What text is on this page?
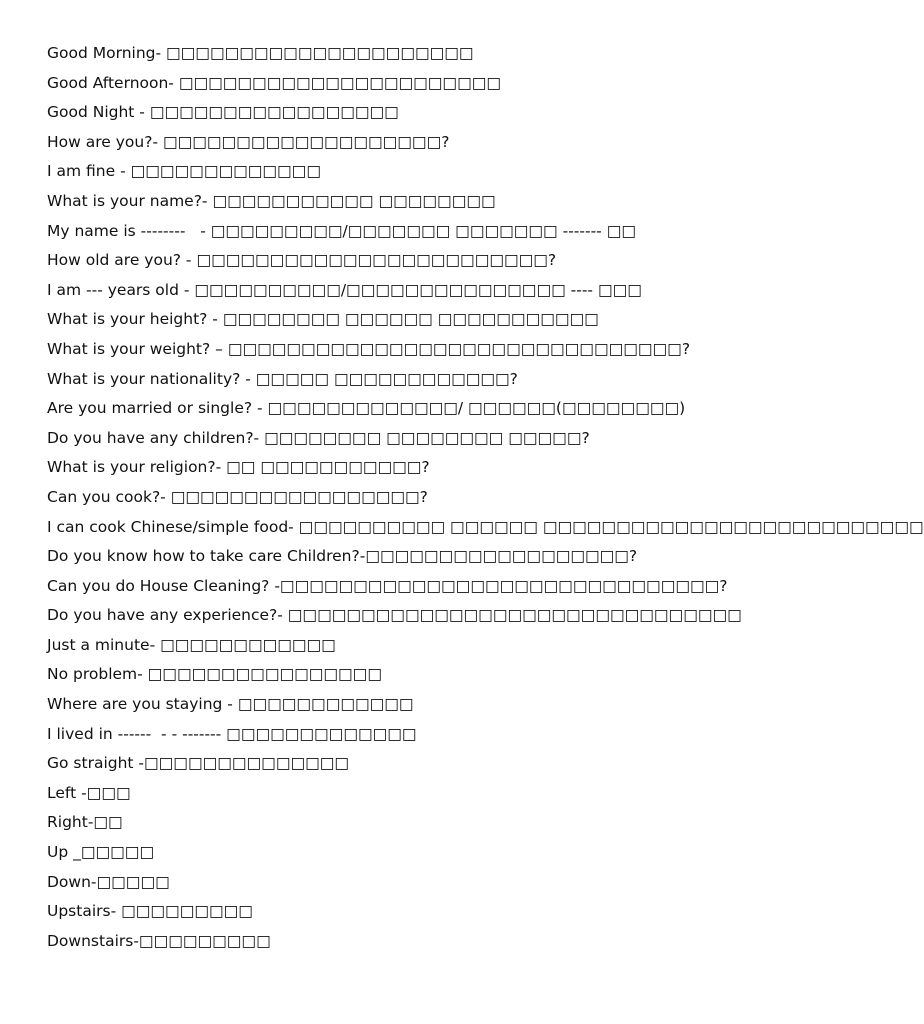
Good Morning- □□□□□□□□□□□□□□□□□□□□□
Good Afternoon- □□□□□□□□□□□□□□□□□□□□□□
Good Night - □□□□□□□□□□□□□□□□□
How are you?- □□□□□□□□□□□□□□□□□□□?
I am fine - □□□□□□□□□□□□□
What is your name?- □□□□□□□□□□□ □□□□□□□□
My name is --------   - □□□□□□□□□/□□□□□□□ □□□□□□□ ------- □□
How old are you? - □□□□□□□□□□□□□□□□□□□□□□□□?
I am --- years old - □□□□□□□□□□/□□□□□□□□□□□□□□□ ---- □□□
What is your height? - □□□□□□□□ □□□□□□ □□□□□□□□□□□
What is your weight? – □□□□□□□□□□□□□□□□□□□□□□□□□□□□□□□?
What is your nationality? - □□□□□ □□□□□□□□□□□□?
Are you married or single? - □□□□□□□□□□□□□/ □□□□□□(□□□□□□□□)
Do you have any children?- □□□□□□□□ □□□□□□□□ □□□□□?
What is your religion?- □□ □□□□□□□□□□□?
Can you cook?- □□□□□□□□□□□□□□□□□?
I can cook Chinese/simple food- □□□□□□□□□□ □□□□□□ □□□□□□□□□□□□□□□□□□□□□□□□□□
Do you know how to take care Children?-□□□□□□□□□□□□□□□□□□?
Can you do House Cleaning? -□□□□□□□□□□□□□□□□□□□□□□□□□□□□□□?
Do you have any experience?- □□□□□□□□□□□□□□□□□□□□□□□□□□□□□□□
Just a minute- □□□□□□□□□□□□
No problem- □□□□□□□□□□□□□□□□
Where are you staying - □□□□□□□□□□□□
I lived in ------  - - ------- □□□□□□□□□□□□□
Go straight -□□□□□□□□□□□□□□
Left -□□□
Right-□□
Up _□□□□□
Down-□□□□□
Upstairs- □□□□□□□□□
Downstairs-□□□□□□□□□
